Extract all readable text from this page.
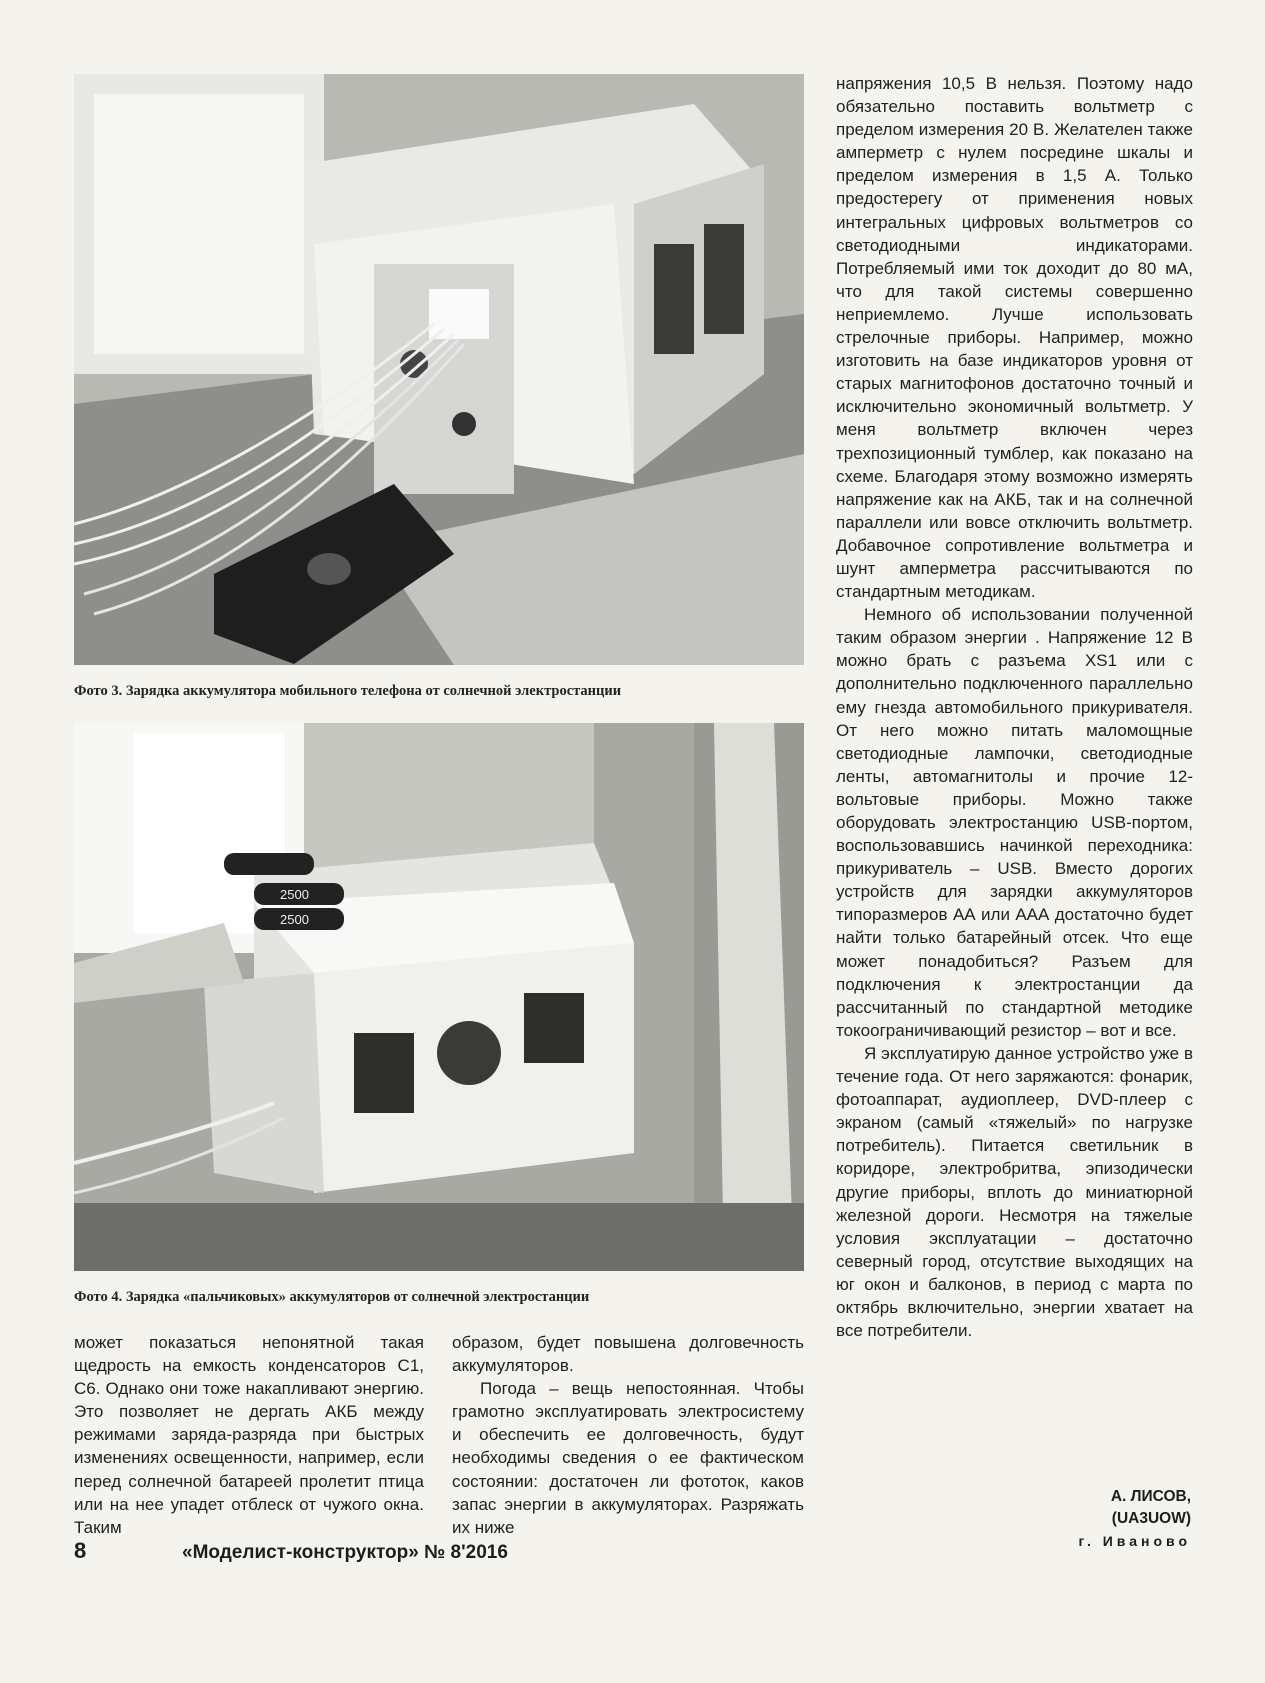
Фото 3. Зарядка аккумулятора мобильного телефона от солнечной электростанции
2500
2500
Фото 4. Зарядка «пальчиковых» аккумуляторов от солнечной электростанции

напряжения 10,5 В нельзя. Поэтому надо обязательно поставить вольтметр с пределом измерения 20 В. Желателен также амперметр с нулем посредине шкалы и пределом измерения в 1,5 А. Только предостерегу от применения новых интегральных цифровых вольтметров со светодиодными индикаторами. Потребляемый ими ток доходит до 80 мА, что для такой системы совершенно неприемлемо. Лучше использовать стрелочные приборы. Например, можно изготовить на базе индикаторов уровня от старых магнитофонов достаточно точный и исключительно экономичный вольтметр. У меня вольтметр включен через трехпозиционный тумблер, как показано на схеме. Благодаря этому возможно измерять напряжение как на АКБ, так и на солнечной параллели или вовсе отключить вольтметр. Добавочное сопротивление вольтметра и шунт амперметра рассчитываются по стандартным методикам.

Немного об использовании полученной таким образом энергии . Напряжение 12 В можно брать с разъема XS1 или с дополнительно подключенного параллельно ему гнезда автомобильного прикуривателя. От него можно питать маломощные светодиодные лампочки, светодиодные ленты, автомагнитолы и прочие 12-вольтовые приборы. Можно также оборудовать электростанцию USB-портом, воспользовавшись начинкой переходника: прикуриватель – USB. Вместо дорогих устройств для зарядки аккумуляторов типоразмеров АА или ААА достаточно будет найти только батарейный отсек. Что еще может понадобиться? Разъем для подключения к электростанции да рассчитанный по стандартной методике токоограничивающий резистор – вот и все.

Я эксплуатирую данное устройство уже в течение года. От него заряжаются: фонарик, фотоаппарат, аудиоплеер, DVD-плеер с экраном (самый «тяжелый» по нагрузке потребитель). Питается светильник в коридоре, электробритва, эпизодически другие приборы, вплоть до миниатюрной железной дороги. Несмотря на тяжелые условия эксплуатации – достаточно северный город, отсутствие выходящих на юг окон и балконов, в период с марта по октябрь включительно, энергии хватает на все потребители.

может показаться непонятной такая щедрость на емкость конденсаторов С1, С6. Однако они тоже накапливают энергию. Это позволяет не дергать АКБ между режимами заряда-разряда при быстрых изменениях освещенности, например, если перед солнечной батареей пролетит птица или на нее упадет отблеск от чужого окна. Таким

образом, будет повышена долговечность аккумуляторов.

Погода – вещь непостоянная. Чтобы грамотно эксплуатировать электросистему и обеспечить ее долговечность, будут необходимы сведения о ее фактическом состоянии: достаточен ли фототок, каков запас энергии в аккумуляторах. Разряжать их ниже

А. ЛИСОВ,
(UA3UOW)
г. Иваново
8	«Моделист-конструктор» № 8'2016
